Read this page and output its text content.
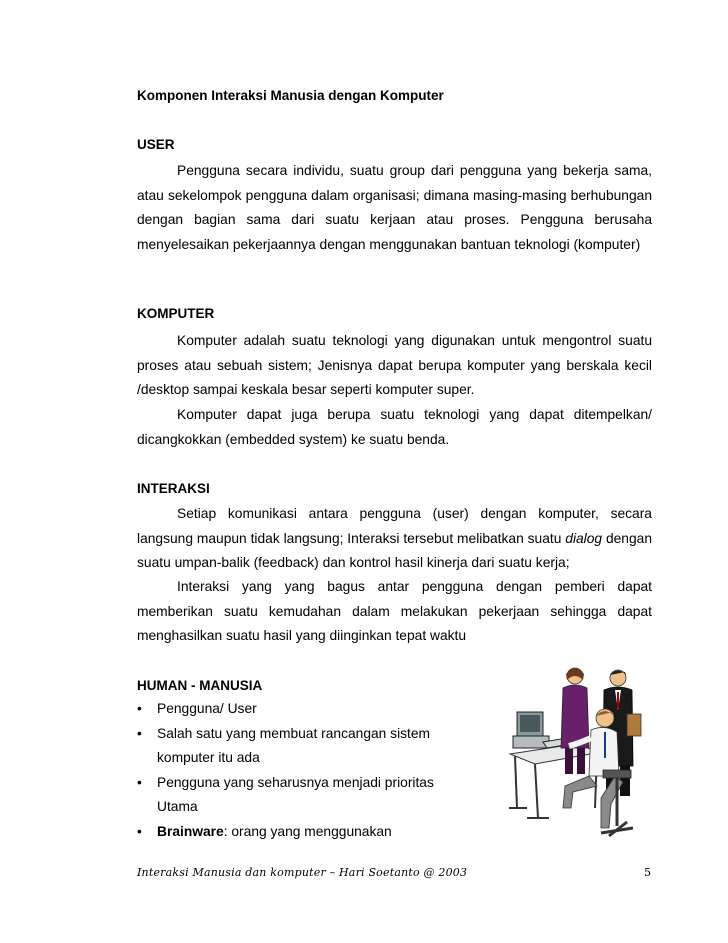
Komponen Interaksi Manusia dengan Komputer
USER

Pengguna secara individu, suatu group dari pengguna yang bekerja sama, atau sekelompok pengguna dalam organisasi; dimana masing-masing berhubungan dengan bagian sama dari suatu kerjaan atau proses. Pengguna berusaha menyelesaikan pekerjaannya dengan menggunakan bantuan teknologi (komputer)

KOMPUTER

Komputer adalah suatu teknologi yang digunakan untuk mengontrol suatu proses atau sebuah sistem; Jenisnya dapat berupa komputer yang berskala kecil /desktop sampai keskala besar seperti komputer super.

Komputer dapat juga berupa suatu teknologi yang dapat ditempelkan/ dicangkokkan (embedded system) ke suatu benda.

INTERAKSI

Setiap komunikasi antara pengguna (user) dengan komputer, secara langsung maupun tidak langsung; Interaksi tersebut melibatkan suatu dialog dengan suatu umpan-balik (feedback) dan kontrol hasil kinerja dari suatu kerja;

Interaksi yang yang bagus antar pengguna dengan pemberi dapat memberikan suatu kemudahan dalam melakukan pekerjaan sehingga dapat menghasilkan suatu hasil yang diinginkan tepat waktu

HUMAN - MANUSIA
• Pengguna/ User
• Salah satu yang membuat rancangan sistem komputer itu ada
• Pengguna yang seharusnya menjadi prioritas Utama
• Brainware: orang yang menggunakan
Interaksi Manusia dan komputer – Hari Soetanto @ 2003	5
